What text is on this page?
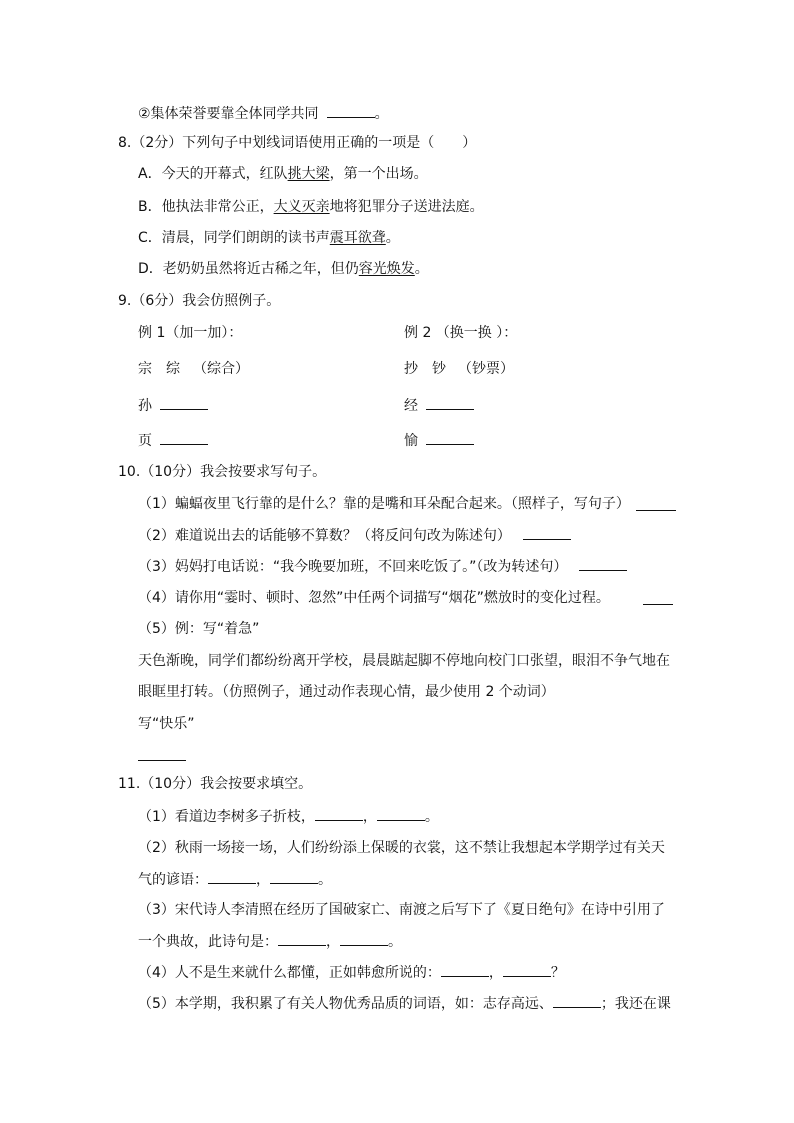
②集体荣誉要靠全体同学共同	。
8.（2分）下列句子中划线词语使用正确的一项是（　　）
A．今天的开幕式，红队挑大梁，第一个出场。
B．他执法非常公正，大义灭亲地将犯罪分子送进法庭。
C．清晨，同学们朗朗的读书声震耳欲聋。
D．老奶奶虽然将近古稀之年，但仍容光焕发。
9.（6分）我会仿照例子。
例 1（加一加）：	例 2 （换一换 ）：
宗　综 （综合）	抄　钞 （钞票）
孙	经
页	愉
10.（10分）我会按要求写句子。
（1）蝙蝠夜里飞行靠的是什么？靠的是嘴和耳朵配合起来。（照样子，写句子）
（2）难道说出去的话能够不算数？（将反问句改为陈述句）
（3）妈妈打电话说：“我今晚要加班，不回来吃饭了。”（改为转述句）
（4）请你用“霎时、顿时、忽然”中任两个词描写“烟花”燃放时的变化过程。
（5）例：写“着急”
天色渐晚，同学们都纷纷离开学校，晨晨踮起脚不停地向校门口张望，眼泪不争气地在
眼眶里打转。（仿照例子，通过动作表现心情，最少使用 2 个动词）
写“快乐”
11.（10分）我会按要求填空。
（1）看道边李树多子折枝，	，	。
（2）秋雨一场接一场，人们纷纷添上保暖的衣裳，这不禁让我想起本学期学过有关天
气的谚语：	，	。
（3）宋代诗人李清照在经历了国破家亡、南渡之后写下了《夏日绝句》在诗中引用了
一个典故，此诗句是：	，	。
（4）人不是生来就什么都懂，正如韩愈所说的：	，	？
（5）本学期，我积累了有关人物优秀品质的词语，如：志存高远、	；我还在课
